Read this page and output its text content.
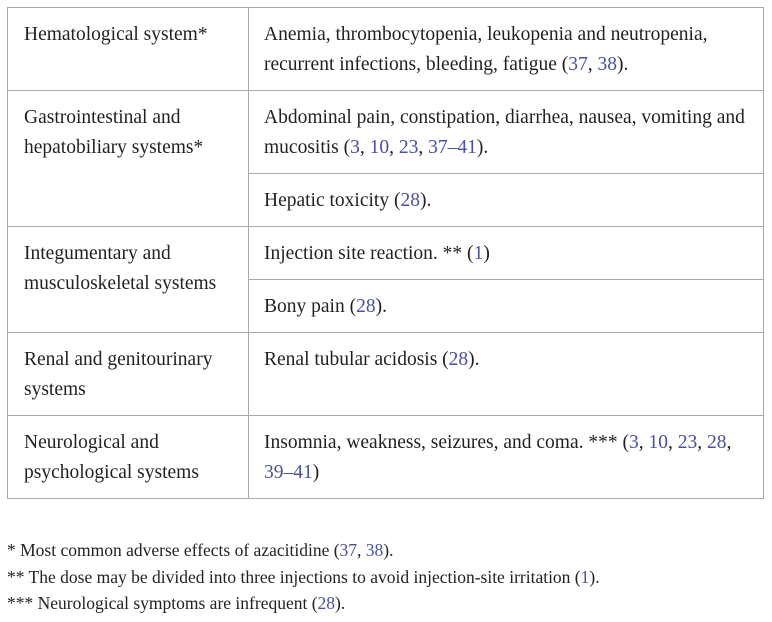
Hematological system*	Anemia, thrombocytopenia, leukopenia and neutropenia, recurrent infections, bleeding, fatigue (37, 38).
Gastrointestinal and hepatobiliary systems*	Abdominal pain, constipation, diarrhea, nausea, vomiting and mucositis (3, 10, 23, 37–41).
	Hepatic toxicity (28).
Integumentary and musculoskeletal systems	Injection site reaction. ** (1)
	Bony pain (28).
Renal and genitourinary systems	Renal tubular acidosis (28).
Neurological and psychological systems	Insomnia, weakness, seizures, and coma. *** (3, 10, 23, 28, 39–41)
* Most common adverse effects of azacitidine (37, 38).
** The dose may be divided into three injections to avoid injection-site irritation (1).
*** Neurological symptoms are infrequent (28).
